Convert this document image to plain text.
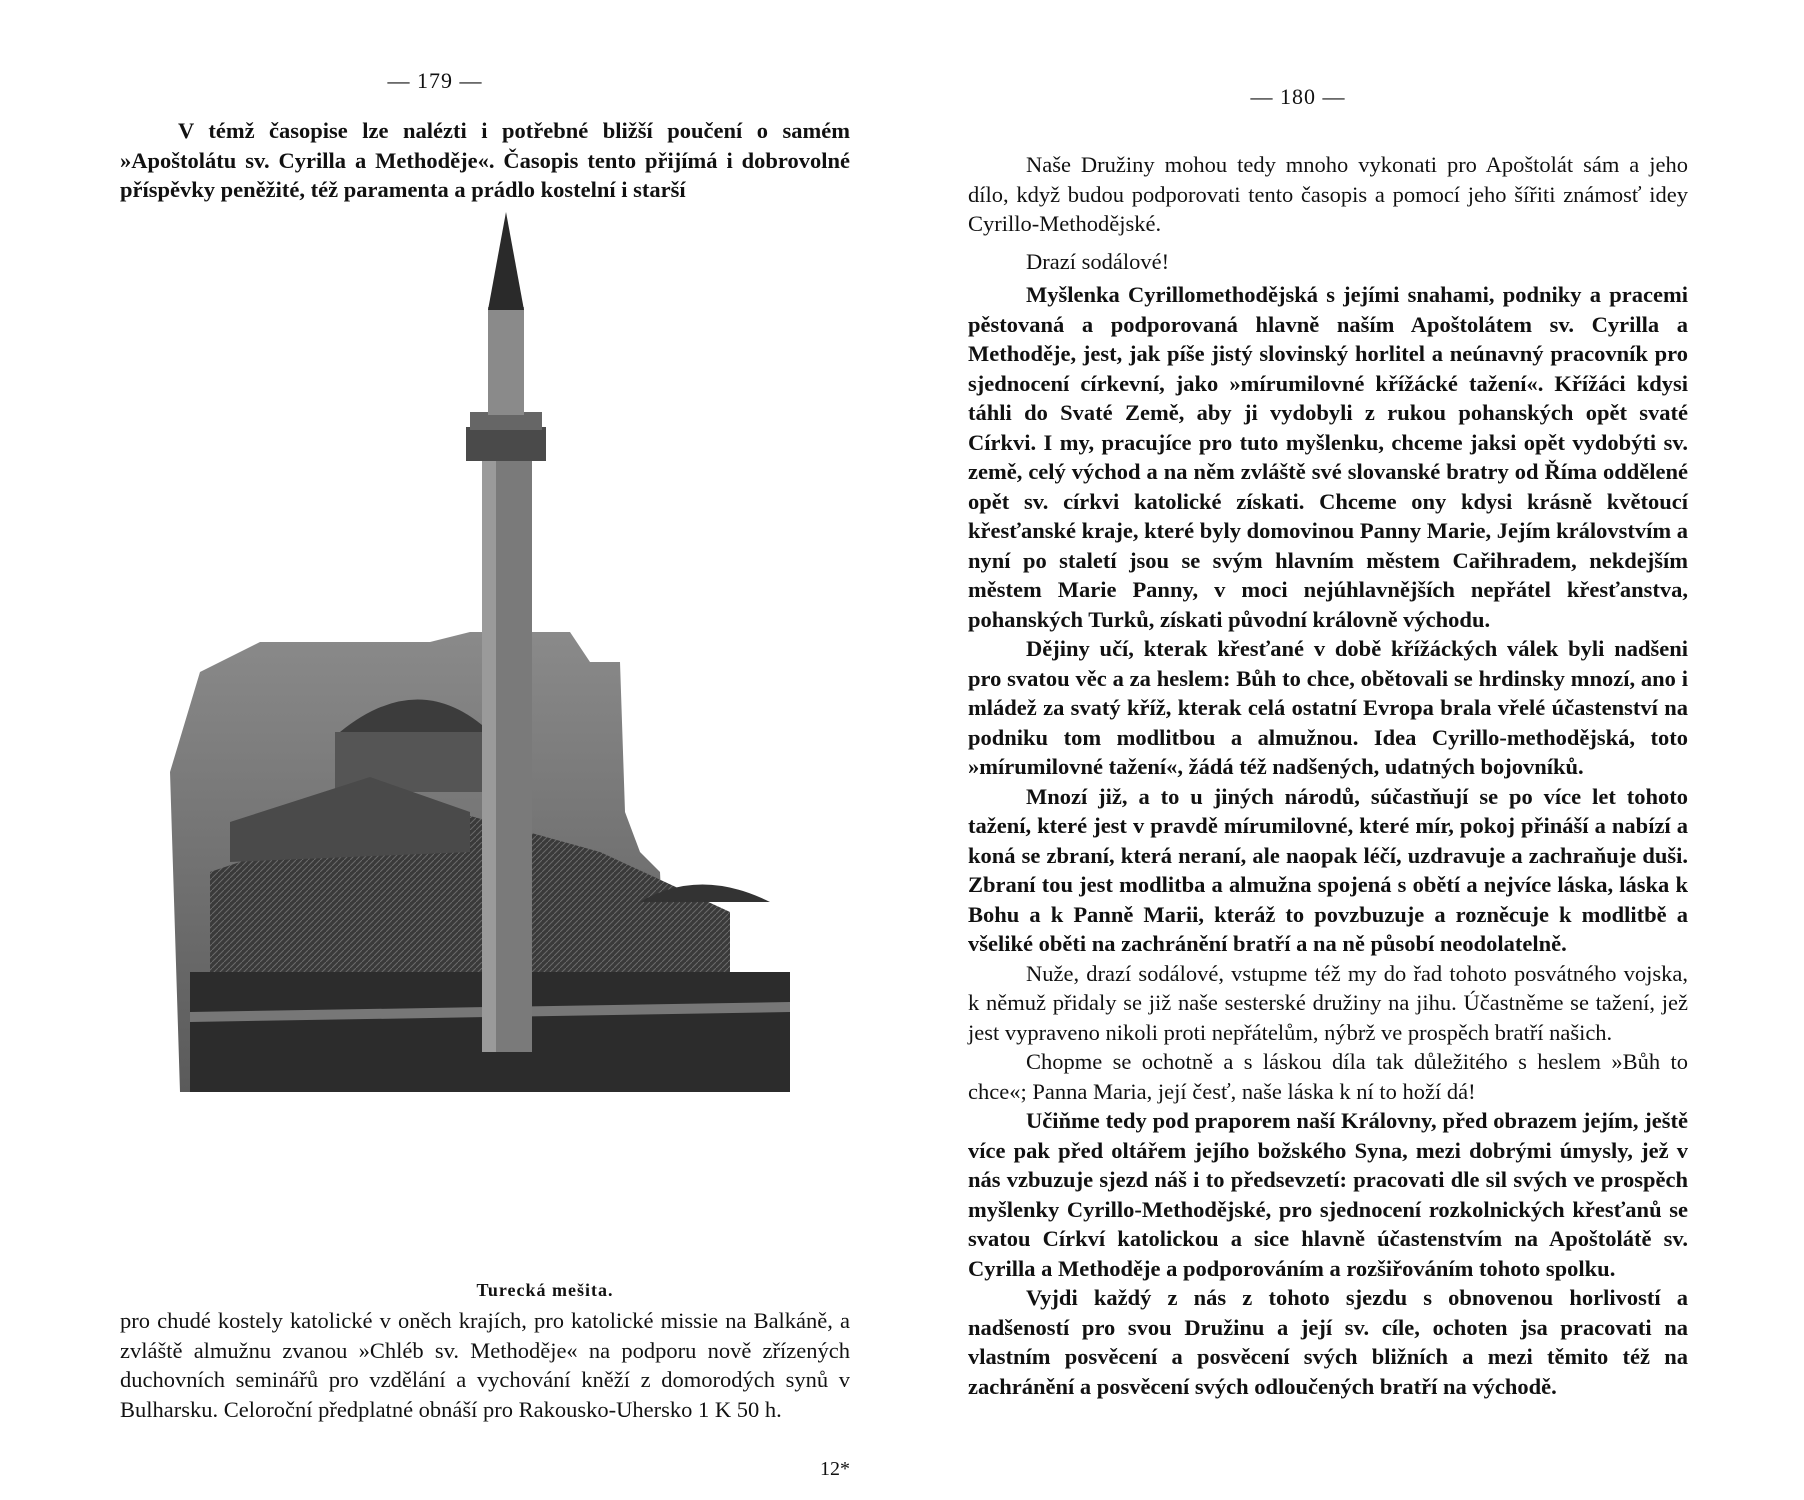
— 179 —

V témž časopise lze nalézti i potřebné bližší poučení o samém »Apoštolátu sv. Cyrilla a Methoděje«. Časopis tento přijímá i dobrovolné příspěvky peněžité, též paramenta a prádlo kostelní i starší

Turecká mešita.

pro chudé kostely katolické v oněch krajích, pro katolické missie na Balkáně, a zvláště almužnu zvanou »Chléb sv. Methoděje« na podporu nově zřízených duchovních seminářů pro vzdělání a vychování kněží z domorodých synů v Bulharsku. Celoroční předplatné obnáší pro Rakousko-Uhersko 1 K 50 h.

12*
— 180 —

Naše Družiny mohou tedy mnoho vykonati pro Apoštolát sám a jeho dílo, když budou podporovati tento časopis a pomocí jeho šířiti známosť idey Cyrillo-Methodějské.

Drazí sodálové!

Myšlenka Cyrillomethodějská s jejími snahami, podniky a pracemi pěstovaná a podporovaná hlavně naším Apoštolátem sv. Cyrilla a Methoděje, jest, jak píše jistý slovinský horlitel a neúnavný pracovník pro sjednocení církevní, jako »mírumilovné křížácké tažení«. Křížáci kdysi táhli do Svaté Země, aby ji vydobyli z rukou pohanských opět svaté Církvi. I my, pracujíce pro tuto myšlenku, chceme jaksi opět vydobýti sv. země, celý východ a na něm zvláště své slovanské bratry od Říma oddělené opět sv. církvi katolické získati. Chceme ony kdysi krásně květoucí křesťanské kraje, které byly domovinou Panny Marie, Jejím královstvím a nyní po staletí jsou se svým hlavním městem Cařihradem, nekdejším městem Marie Panny, v moci nejúhlavnějších nepřátel křesťanstva, pohanských Turků, získati původní královně východu.

Dějiny učí, kterak křesťané v době křížáckých válek byli nadšeni pro svatou věc a za heslem: Bůh to chce, obětovali se hrdinsky mnozí, ano i mládež za svatý kříž, kterak celá ostatní Evropa brala vřelé účastenství na podniku tom modlitbou a almužnou. Idea Cyrillo-methodějská, toto »mírumilovné tažení«, žádá též nadšených, udatných bojovníků.

Mnozí již, a to u jiných národů, súčastňují se po více let tohoto tažení, které jest v pravdě mírumilovné, které mír, pokoj přináší a nabízí a koná se zbraní, která neraní, ale naopak léčí, uzdravuje a zachraňuje duši. Zbraní tou jest modlitba a almužna spojená s obětí a nejvíce láska, láska k Bohu a k Panně Marii, kteráž to povzbuzuje a rozněcuje k modlitbě a všeliké oběti na zachránění bratří a na ně působí neodolatelně.

Nuže, drazí sodálové, vstupme též my do řad tohoto posvátného vojska, k němuž přidaly se již naše sesterské družiny na jihu. Účastněme se tažení, jež jest vypraveno nikoli proti nepřátelům, nýbrž ve prospěch bratří našich.

Chopme se ochotně a s láskou díla tak důležitého s heslem »Bůh to chce«; Panna Maria, její česť, naše láska k ní to hoží dá!

Učiňme tedy pod praporem naší Královny, před obrazem jejím, ještě více pak před oltářem jejího božského Syna, mezi dobrými úmysly, jež v nás vzbuzuje sjezd náš i to předsevzetí: pracovati dle sil svých ve prospěch myšlenky Cyrillo-Methodějské, pro sjednocení rozkolnických křesťanů se svatou Církví katolickou a sice hlavně účastenstvím na Apoštolátě sv. Cyrilla a Methoděje a podporováním a rozšiřováním tohoto spolku.

Vyjdi každý z nás z tohoto sjezdu s obnovenou horlivostí a nadšeností pro svou Družinu a její sv. cíle, ochoten jsa pracovati na vlastním posvěcení a posvěcení svých bližních a mezi těmito též na zachránění a posvěcení svých odloučených bratří na východě.
